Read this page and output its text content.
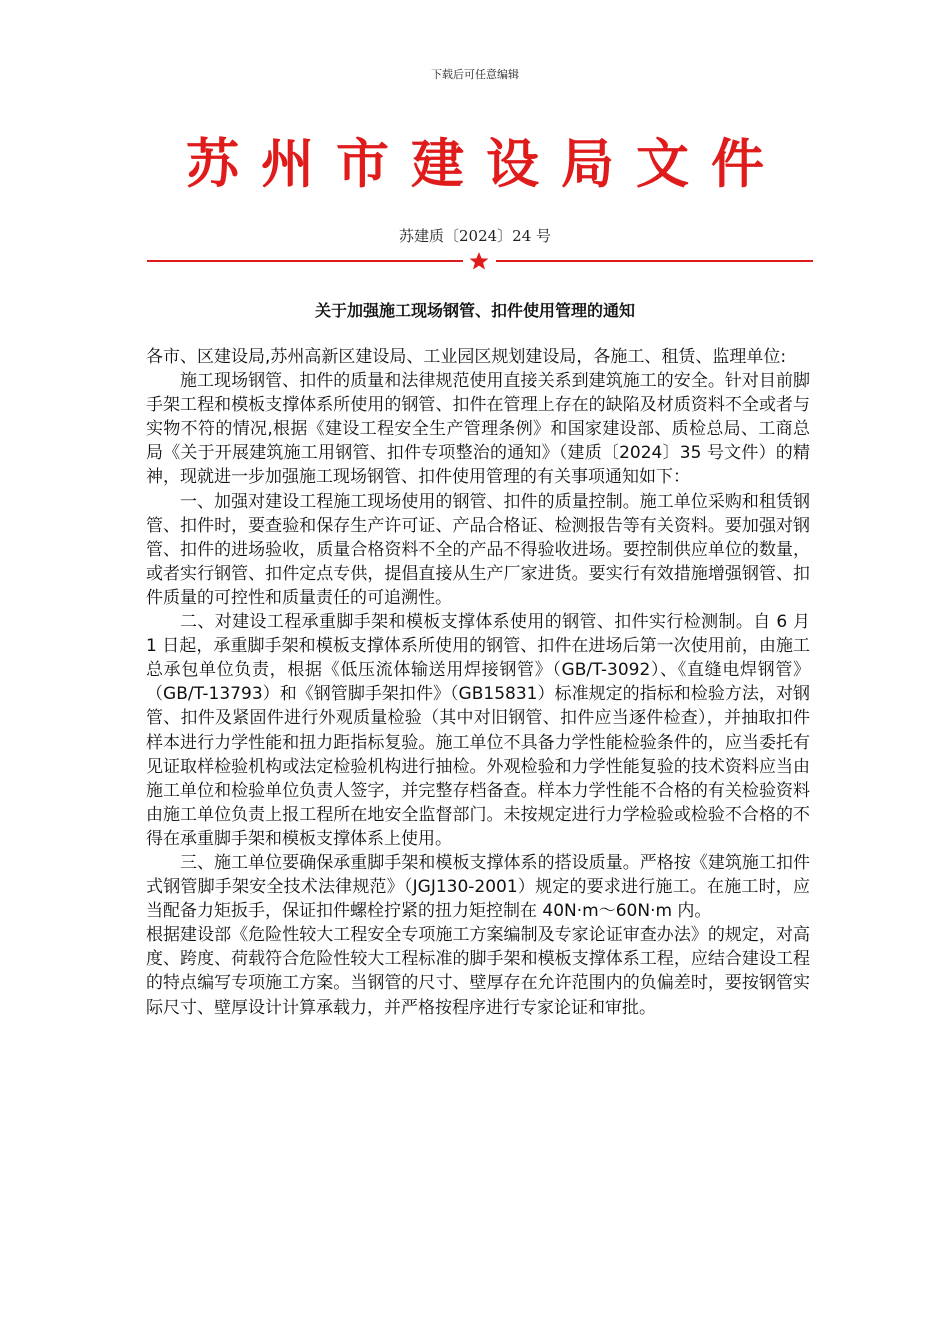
下载后可任意编辑
苏州市建设局文件
苏建质〔2024〕24 号
关于加强施工现场钢管、扣件使用管理的通知

各市、区建设局,苏州高新区建设局、工业园区规划建设局，各施工、租赁、监理单位:

施工现场钢管、扣件的质量和法律规范使用直接关系到建筑施工的安全。针对目前脚手架工程和模板支撑体系所使用的钢管、扣件在管理上存在的缺陷及材质资料不全或者与实物不符的情况,根据《建设工程安全生产管理条例》和国家建设部、质检总局、工商总局《关于开展建筑施工用钢管、扣件专项整治的通知》（建质〔2024〕35 号文件）的精神，现就进一步加强施工现场钢管、扣件使用管理的有关事项通知如下：

一、加强对建设工程施工现场使用的钢管、扣件的质量控制。施工单位采购和租赁钢管、扣件时，要查验和保存生产许可证、产品合格证、检测报告等有关资料。要加强对钢管、扣件的进场验收，质量合格资料不全的产品不得验收进场。要控制供应单位的数量，或者实行钢管、扣件定点专供，提倡直接从生产厂家进货。要实行有效措施增强钢管、扣件质量的可控性和质量责任的可追溯性。

二、对建设工程承重脚手架和模板支撑体系使用的钢管、扣件实行检测制。自 6 月 1 日起，承重脚手架和模板支撑体系所使用的钢管、扣件在进场后第一次使用前，由施工总承包单位负责，根据《低压流体输送用焊接钢管》（GB/T-3092）、《直缝电焊钢管》（GB/T-13793）和《钢管脚手架扣件》（GB15831）标准规定的指标和检验方法，对钢管、扣件及紧固件进行外观质量检验（其中对旧钢管、扣件应当逐件检查），并抽取扣件样本进行力学性能和扭力距指标复验。施工单位不具备力学性能检验条件的，应当委托有见证取样检验机构或法定检验机构进行抽检。外观检验和力学性能复验的技术资料应当由施工单位和检验单位负责人签字，并完整存档备查。样本力学性能不合格的有关检验资料由施工单位负责上报工程所在地安全监督部门。未按规定进行力学检验或检验不合格的不得在承重脚手架和模板支撑体系上使用。

三、施工单位要确保承重脚手架和模板支撑体系的搭设质量。严格按《建筑施工扣件式钢管脚手架安全技术法律规范》（JGJ130-2001）规定的要求进行施工。在施工时，应当配备力矩扳手，保证扣件螺栓拧紧的扭力矩控制在 40N·m～60N·m 内。

根据建设部《危险性较大工程安全专项施工方案编制及专家论证审查办法》的规定，对高度、跨度、荷载符合危险性较大工程标准的脚手架和模板支撑体系工程，应结合建设工程的特点编写专项施工方案。当钢管的尺寸、壁厚存在允许范围内的负偏差时，要按钢管实际尺寸、壁厚设计计算承载力，并严格按程序进行专家论证和审批。
